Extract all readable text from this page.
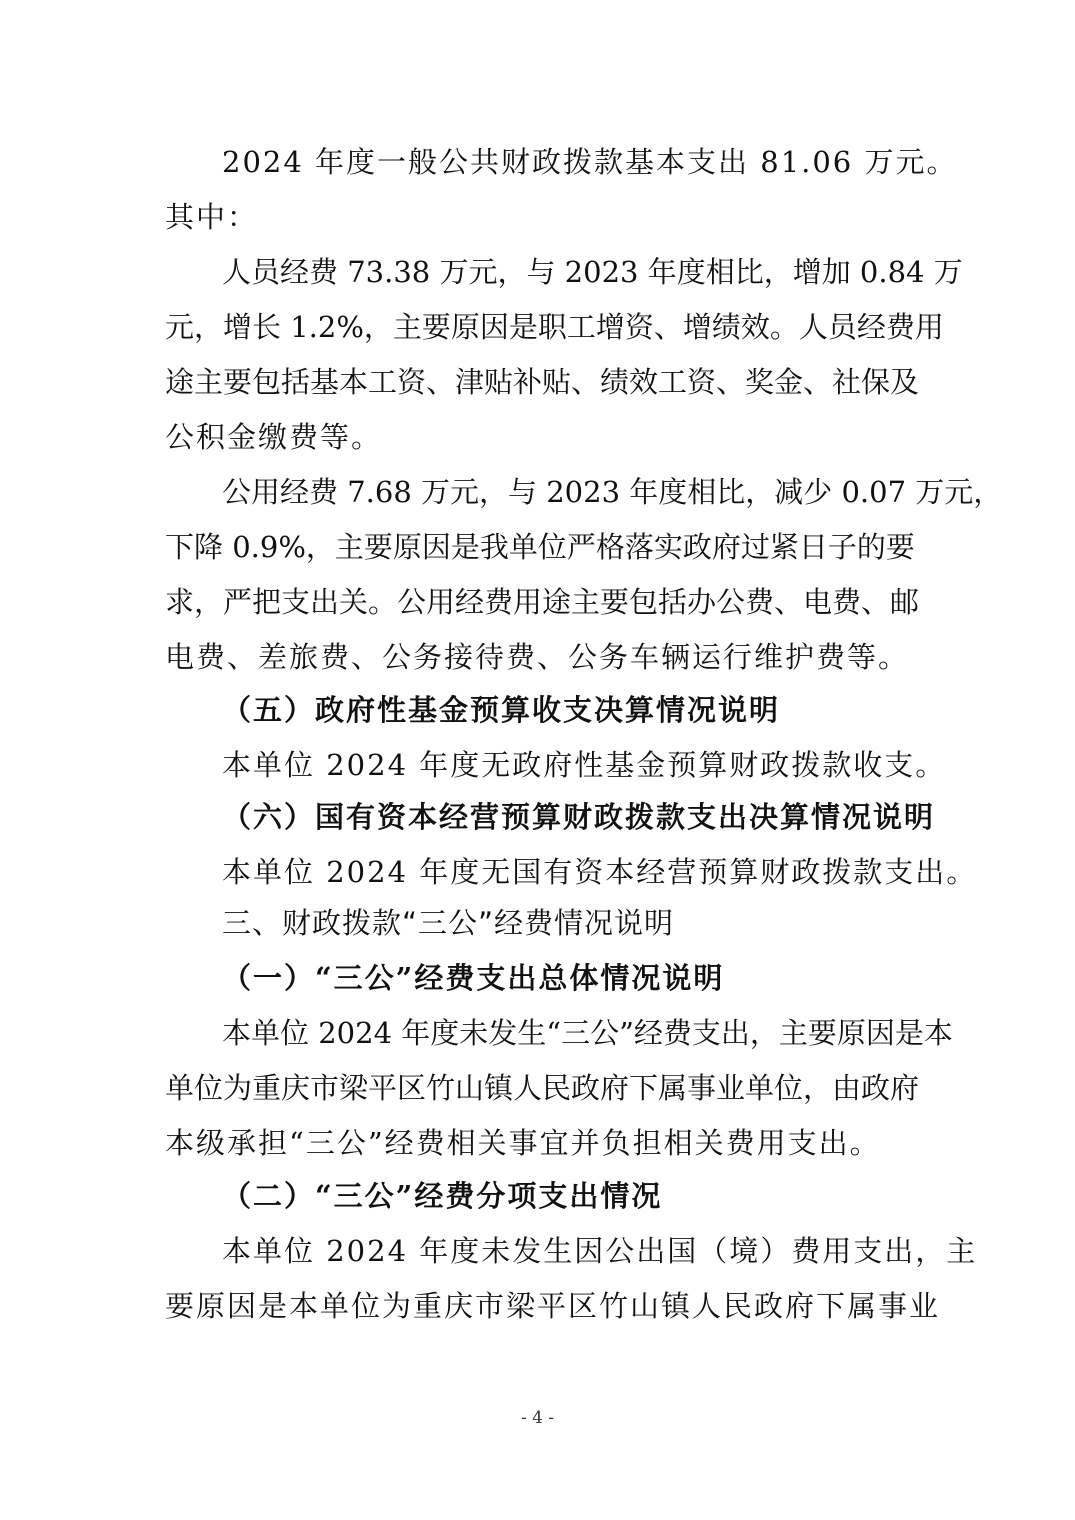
2024 年度一般公共财政拨款基本支出 81.06 万元。
其中：
人员经费 73.38 万元，与 2023 年度相比，增加 0.84 万
元，增长 1.2%，主要原因是职工增资、增绩效。人员经费用
途主要包括基本工资、津贴补贴、绩效工资、奖金、社保及
公积金缴费等。
公用经费 7.68 万元，与 2023 年度相比，减少 0.07 万元，
下降 0.9%，主要原因是我单位严格落实政府过紧日子的要
求，严把支出关。公用经费用途主要包括办公费、电费、邮
电费、差旅费、公务接待费、公务车辆运行维护费等。
（五）政府性基金预算收支决算情况说明
本单位 2024 年度无政府性基金预算财政拨款收支。
（六）国有资本经营预算财政拨款支出决算情况说明
本单位 2024 年度无国有资本经营预算财政拨款支出。
三、财政拨款“三公”经费情况说明
（一）“三公”经费支出总体情况说明
本单位 2024 年度未发生“三公”经费支出，主要原因是本
单位为重庆市梁平区竹山镇人民政府下属事业单位，由政府
本级承担“三公”经费相关事宜并负担相关费用支出。
（二）“三公”经费分项支出情况
本单位 2024 年度未发生因公出国（境）费用支出，主
要原因是本单位为重庆市梁平区竹山镇人民政府下属事业
- 4 -
